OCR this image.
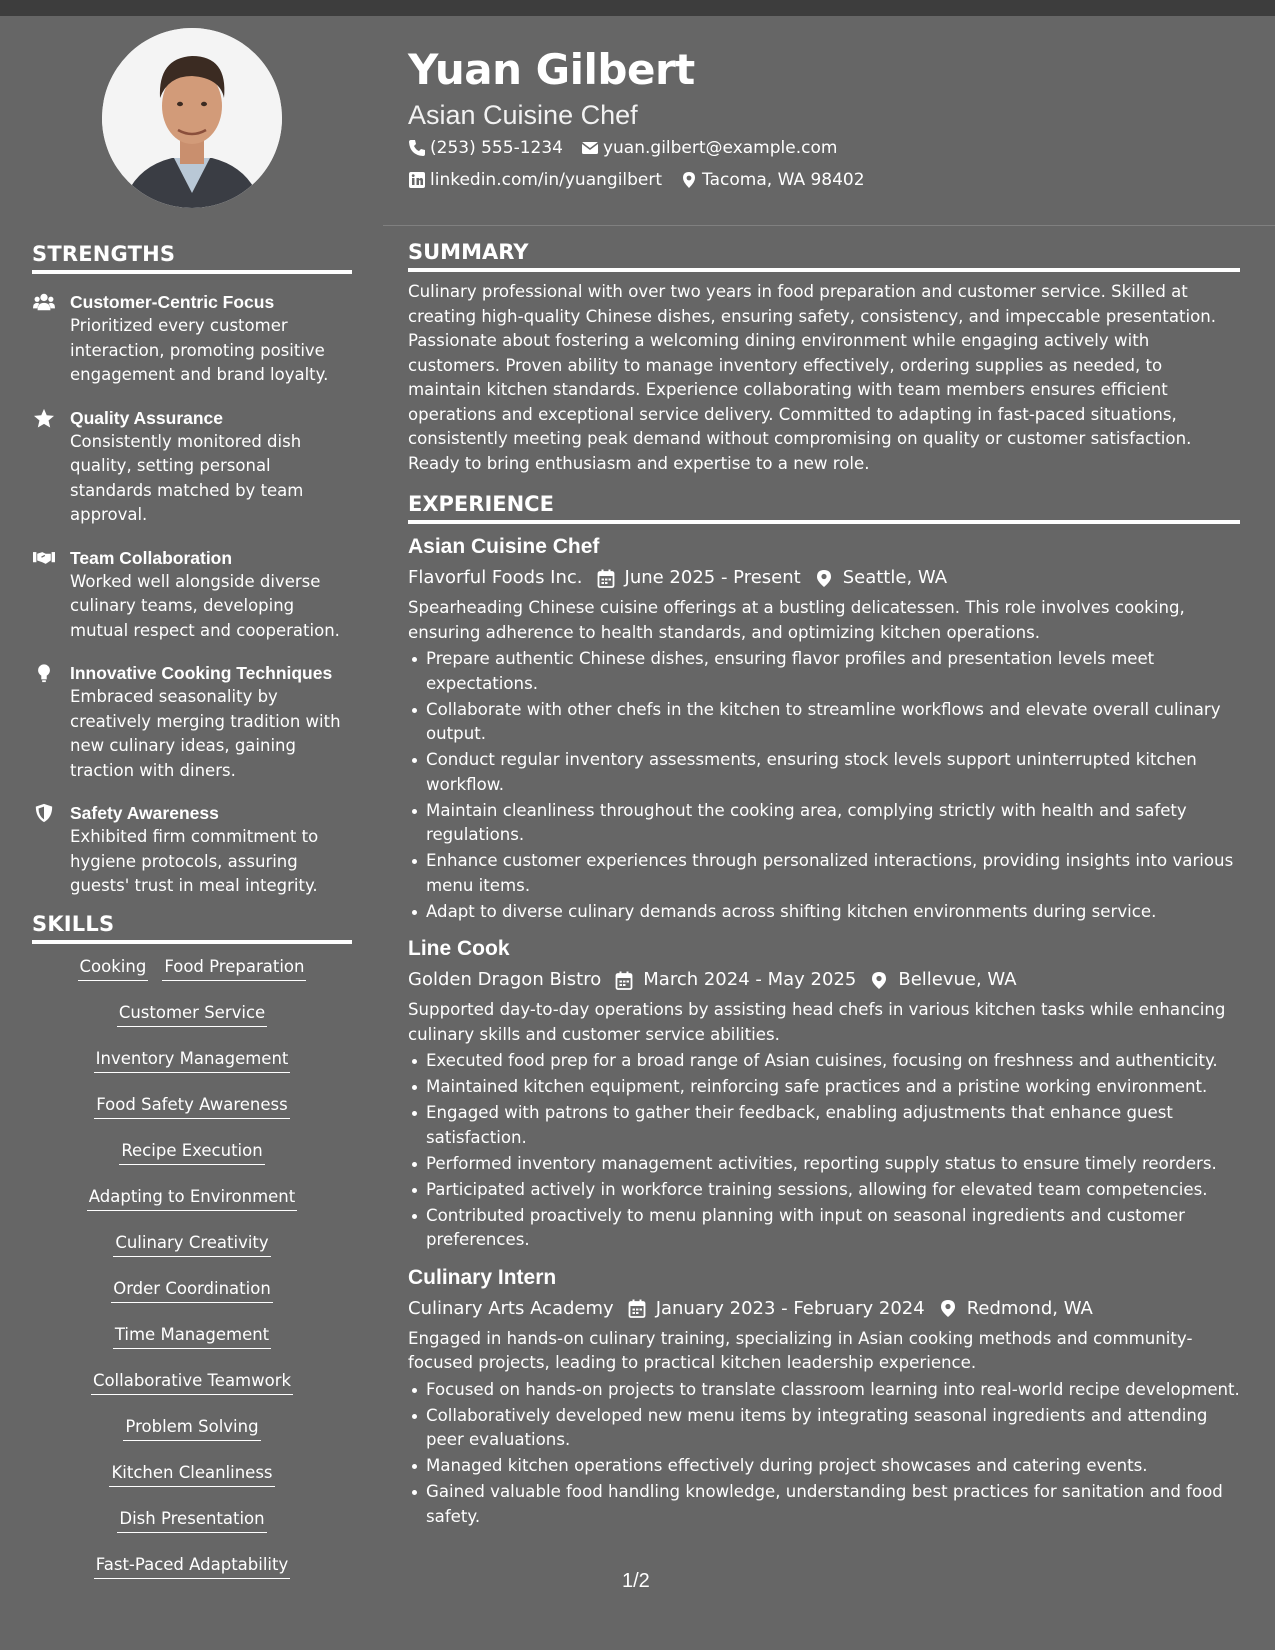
STRENGTHS
Customer-Centric Focus
Prioritized every customer interaction, promoting positive engagement and brand loyalty.
Quality Assurance
Consistently monitored dish quality, setting personal standards matched by team approval.
Team Collaboration
Worked well alongside diverse culinary teams, developing mutual respect and cooperation.
Innovative Cooking Techniques
Embraced seasonality by creatively merging tradition with new culinary ideas, gaining traction with diners.
Safety Awareness
Exhibited firm commitment to hygiene protocols, assuring guests' trust in meal integrity.
SKILLS
Cooking Food Preparation
Customer Service
Inventory Management
Food Safety Awareness
Recipe Execution
Adapting to Environment
Culinary Creativity
Order Coordination
Time Management
Collaborative Teamwork
Problem Solving
Kitchen Cleanliness
Dish Presentation
Fast-Paced Adaptability
Yuan Gilbert
Asian Cuisine Chef
(253) 555-1234 yuan.gilbert@example.com
linkedin.com/in/yuangilbert Tacoma, WA 98402
SUMMARY
Culinary professional with over two years in food preparation and customer service. Skilled at creating high-quality Chinese dishes, ensuring safety, consistency, and impeccable presentation. Passionate about fostering a welcoming dining environment while engaging actively with customers. Proven ability to manage inventory effectively, ordering supplies as needed, to maintain kitchen standards. Experience collaborating with team members ensures efficient operations and exceptional service delivery. Committed to adapting in fast-paced situations, consistently meeting peak demand without compromising on quality or customer satisfaction. Ready to bring enthusiasm and expertise to a new role.
EXPERIENCE
Asian Cuisine Chef
Flavorful Foods Inc. June 2025 - Present Seattle, WA
Spearheading Chinese cuisine offerings at a bustling delicatessen. This role involves cooking, ensuring adherence to health standards, and optimizing kitchen operations.
Prepare authentic Chinese dishes, ensuring flavor profiles and presentation levels meet expectations.
Collaborate with other chefs in the kitchen to streamline workflows and elevate overall culinary output.
Conduct regular inventory assessments, ensuring stock levels support uninterrupted kitchen workflow.
Maintain cleanliness throughout the cooking area, complying strictly with health and safety regulations.
Enhance customer experiences through personalized interactions, providing insights into various menu items.
Adapt to diverse culinary demands across shifting kitchen environments during service.
Line Cook
Golden Dragon Bistro March 2024 - May 2025 Bellevue, WA
Supported day-to-day operations by assisting head chefs in various kitchen tasks while enhancing culinary skills and customer service abilities.
Executed food prep for a broad range of Asian cuisines, focusing on freshness and authenticity.
Maintained kitchen equipment, reinforcing safe practices and a pristine working environment.
Engaged with patrons to gather their feedback, enabling adjustments that enhance guest satisfaction.
Performed inventory management activities, reporting supply status to ensure timely reorders.
Participated actively in workforce training sessions, allowing for elevated team competencies.
Contributed proactively to menu planning with input on seasonal ingredients and customer preferences.
Culinary Intern
Culinary Arts Academy January 2023 - February 2024 Redmond, WA
Engaged in hands-on culinary training, specializing in Asian cooking methods and community-focused projects, leading to practical kitchen leadership experience.
Focused on hands-on projects to translate classroom learning into real-world recipe development.
Collaboratively developed new menu items by integrating seasonal ingredients and attending peer evaluations.
Managed kitchen operations effectively during project showcases and catering events.
Gained valuable food handling knowledge, understanding best practices for sanitation and food safety.
1/2
